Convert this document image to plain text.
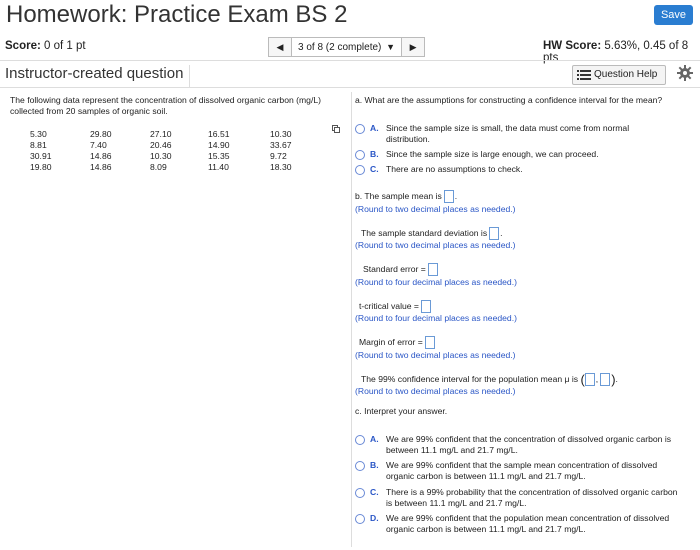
Homework: Practice Exam BS 2	Save
Score: 0 of 1 pt	◀	3 of 8 (2 complete) ▼	▶	HW Score: 5.63%, 0.45 of 8 pts
Instructor-created question	Question Help
The following data represent the concentration of dissolved organic carbon (mg/L) collected from 20 samples of organic soil.
5.30	29.80	27.10	16.51	10.30
8.81	7.40	20.46	14.90	33.67
30.91	14.86	10.30	15.35	9.72
19.80	14.86	8.09	11.40	18.30
a. What are the assumptions for constructing a confidence interval for the mean?
A. Since the sample size is small, the data must come from normal distribution.
B. Since the sample size is large enough, we can proceed.
C. There are no assumptions to check.
b. The sample mean is .
(Round to two decimal places as needed.)
The sample standard deviation is .
(Round to two decimal places as needed.)
Standard error =
(Round to four decimal places as needed.)
t-critical value =
(Round to four decimal places as needed.)
Margin of error =
(Round to two decimal places as needed.)
The 99% confidence interval for the population mean μ is ( , ).
(Round to two decimal places as needed.)
c. Interpret your answer.
A. We are 99% confident that the concentration of dissolved organic carbon is between 11.1 mg/L and 21.7 mg/L.
B. We are 99% confident that the sample mean concentration of dissolved organic carbon is between 11.1 mg/L and 21.7 mg/L.
C. There is a 99% probability that the concentration of dissolved organic carbon is between 11.1 mg/L and 21.7 mg/L.
D. We are 99% confident that the population mean concentration of dissolved organic carbon is between 11.1 mg/L and 21.7 mg/L.
